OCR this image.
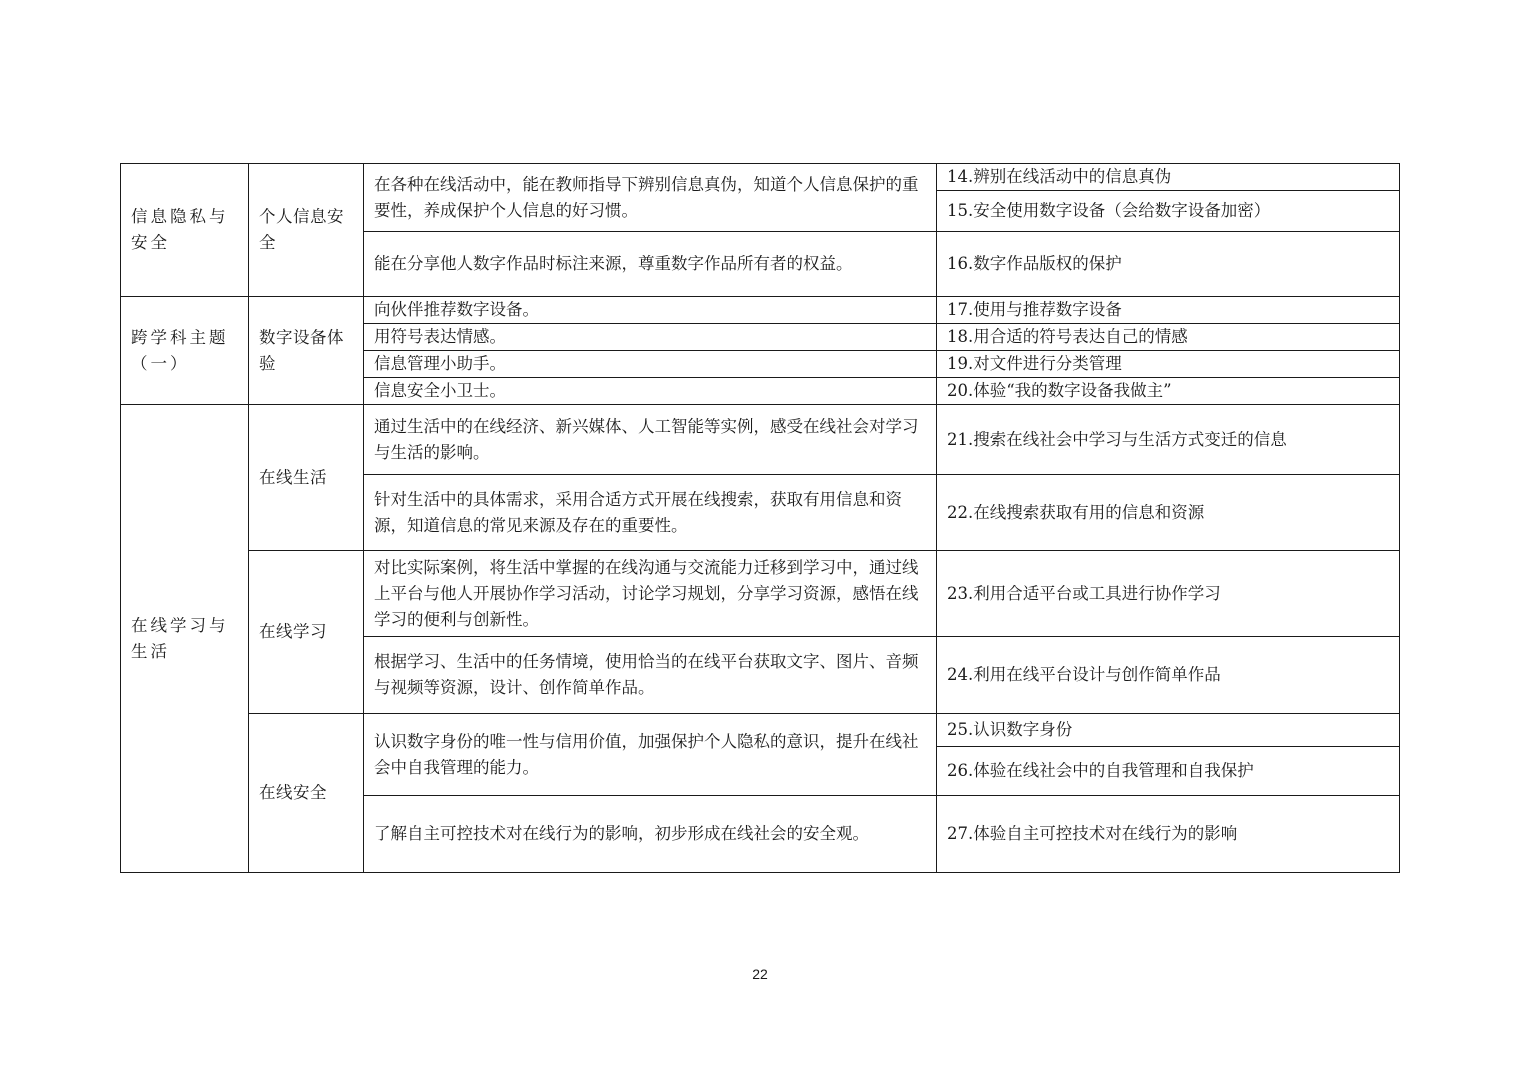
信息隐私与安全	个人信息安全	在各种在线活动中，能在教师指导下辨别信息真伪，知道个人信息保护的重要性，养成保护个人信息的好习惯。	14.辨别在线活动中的信息真伪
			15.安全使用数字设备（会给数字设备加密）
		能在分享他人数字作品时标注来源，尊重数字作品所有者的权益。	16.数字作品版权的保护
跨学科主题（一）	数字设备体验	向伙伴推荐数字设备。	17.使用与推荐数字设备
		用符号表达情感。	18.用合适的符号表达自己的情感
		信息管理小助手。	19.对文件进行分类管理
		信息安全小卫士。	20.体验“我的数字设备我做主”
在线学习与生活	在线生活	通过生活中的在线经济、新兴媒体、人工智能等实例，感受在线社会对学习与生活的影响。	21.搜索在线社会中学习与生活方式变迁的信息
		针对生活中的具体需求，采用合适方式开展在线搜索，获取有用信息和资源，知道信息的常见来源及存在的重要性。	22.在线搜索获取有用的信息和资源
	在线学习	对比实际案例，将生活中掌握的在线沟通与交流能力迁移到学习中，通过线上平台与他人开展协作学习活动，讨论学习规划，分享学习资源，感悟在线学习的便利与创新性。	23.利用合适平台或工具进行协作学习
		根据学习、生活中的任务情境，使用恰当的在线平台获取文字、图片、音频与视频等资源，设计、创作简单作品。	24.利用在线平台设计与创作简单作品
	在线安全	认识数字身份的唯一性与信用价值，加强保护个人隐私的意识，提升在线社会中自我管理的能力。	25.认识数字身份
			26.体验在线社会中的自我管理和自我保护
		了解自主可控技术对在线行为的影响，初步形成在线社会的安全观。	27.体验自主可控技术对在线行为的影响
22
